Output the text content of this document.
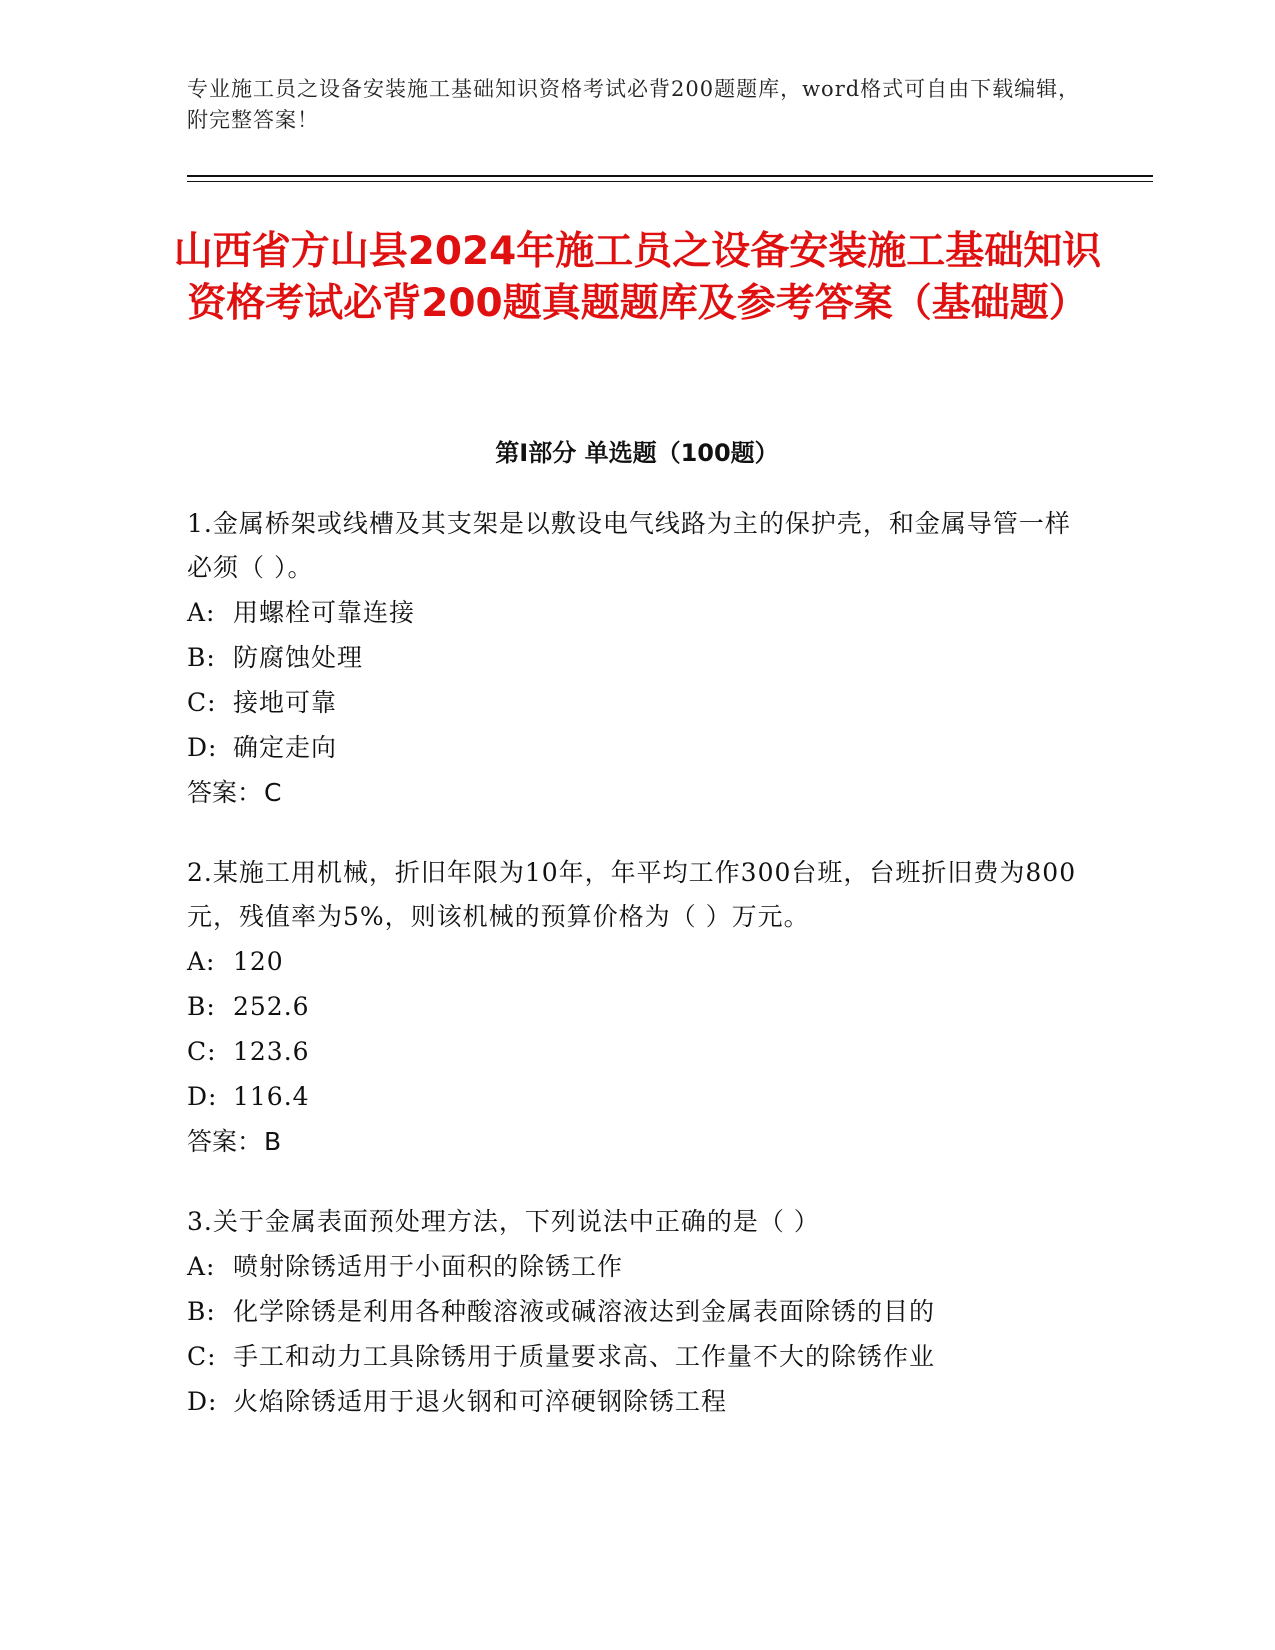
专业施工员之设备安装施工基础知识资格考试必背200题题库，word格式可自由下载编辑，附完整答案！
山西省方山县2024年施工员之设备安装施工基础知识资格考试必背200题真题题库及参考答案（基础题）
第I部分 单选题（100题）

1.金属桥架或线槽及其支架是以敷设电气线路为主的保护壳，和金属导管一样必须（ ）。

A: 用螺栓可靠连接
B: 防腐蚀处理
C: 接地可靠
D: 确定走向
答案：C

2.某施工用机械，折旧年限为10年，年平均工作300台班，台班折旧费为800元，残值率为5%，则该机械的预算价格为（ ）万元。

A: 120
B: 252.6
C: 123.6
D: 116.4
答案：B

3.关于金属表面预处理方法，下列说法中正确的是（ ）

A: 喷射除锈适用于小面积的除锈工作
B: 化学除锈是利用各种酸溶液或碱溶液达到金属表面除锈的目的
C: 手工和动力工具除锈用于质量要求高、工作量不大的除锈作业
D: 火焰除锈适用于退火钢和可淬硬钢除锈工程
